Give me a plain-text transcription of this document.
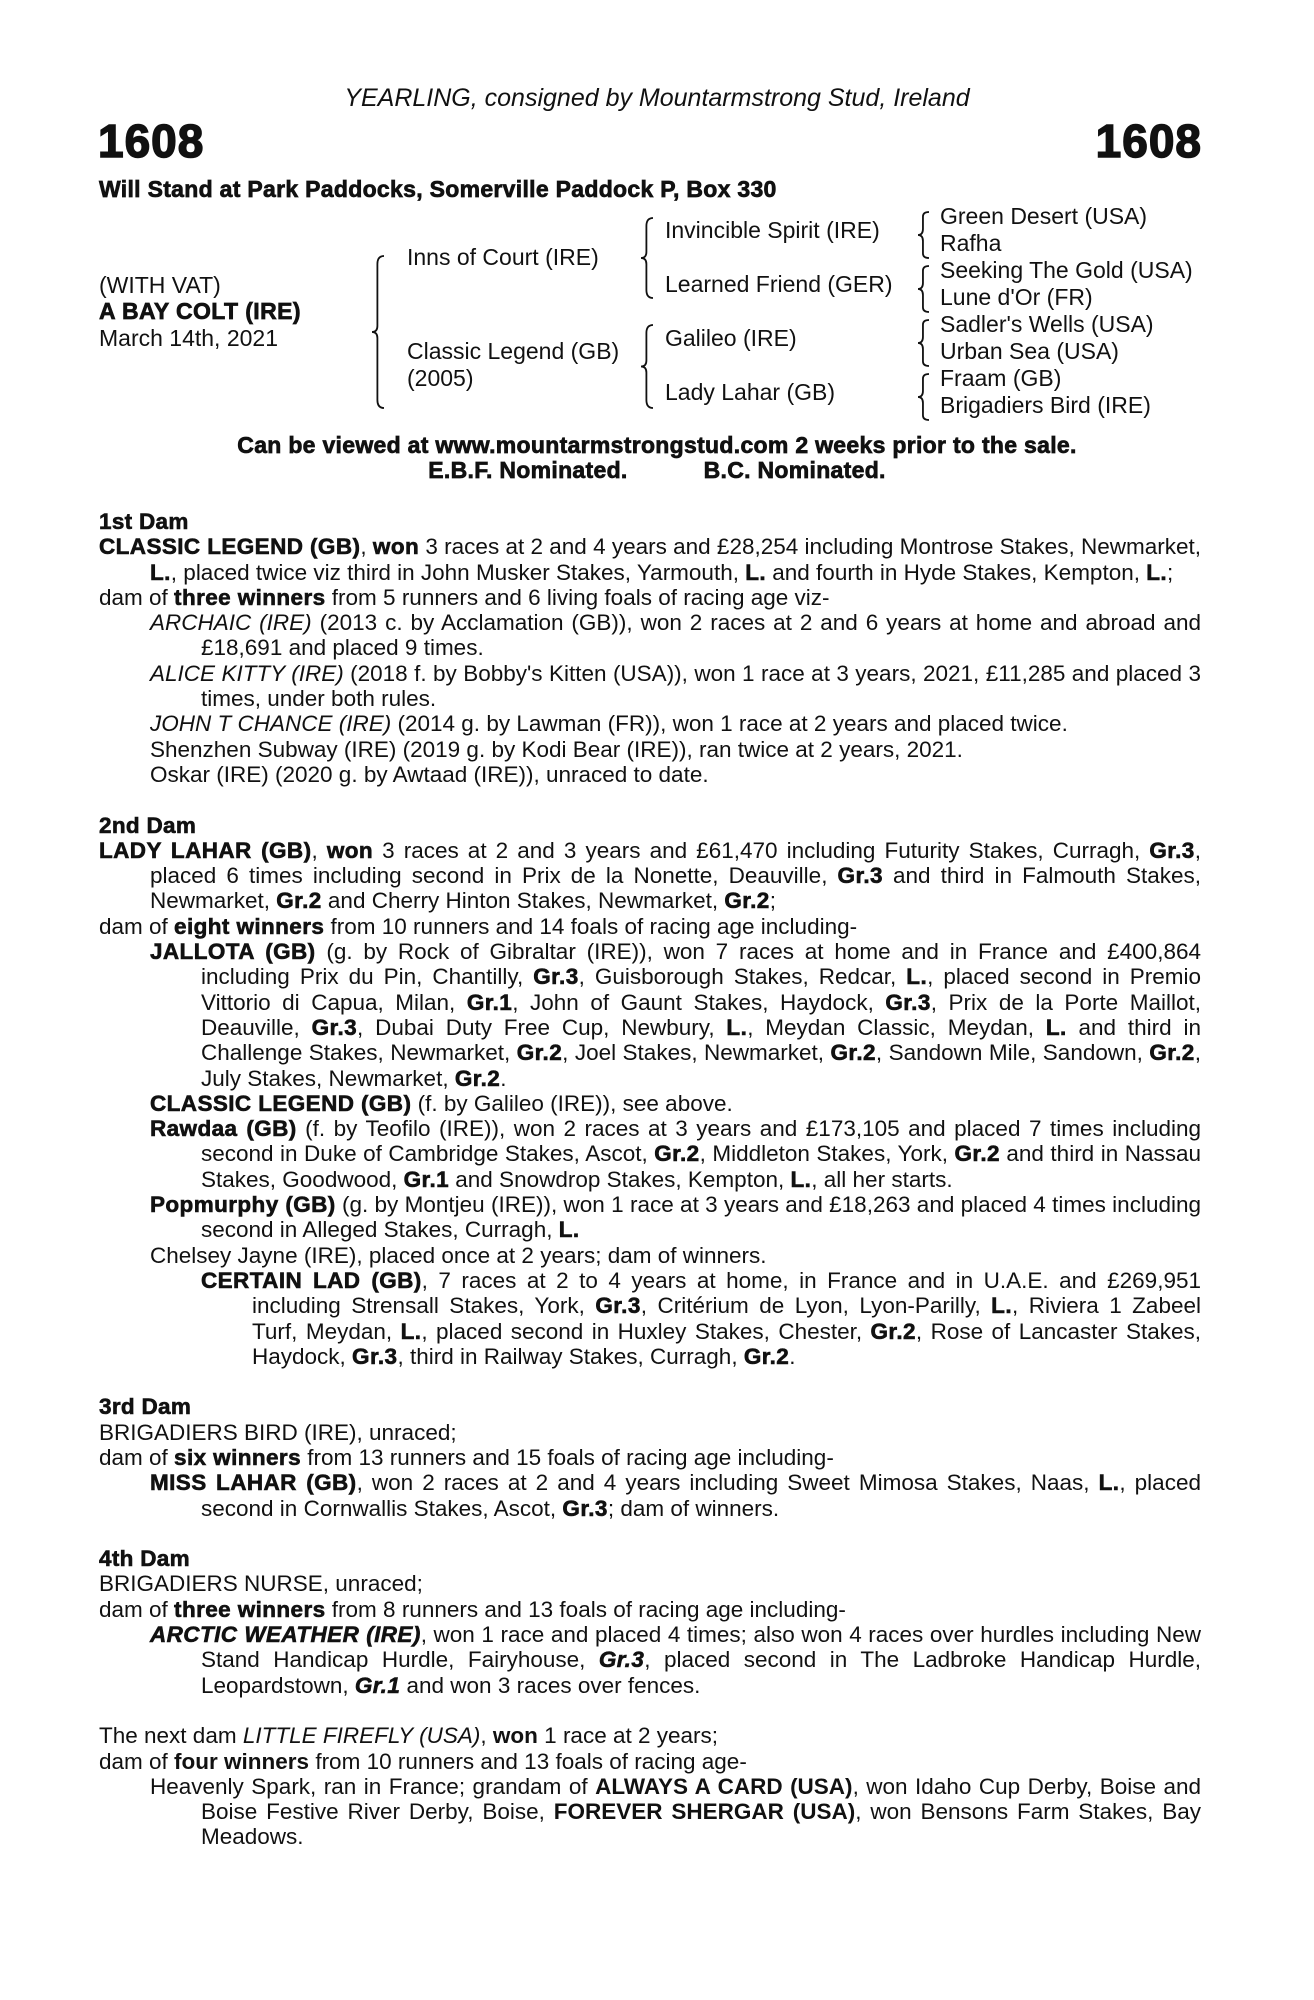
YEARLING, consigned by Mountarmstrong Stud, Ireland
1608	1608
Will Stand at Park Paddocks, Somerville Paddock P, Box 330
(WITH VAT)
A BAY COLT (IRE)
March 14th, 2021
Inns of Court (IRE)
Classic Legend (GB)
(2005)
Invincible Spirit (IRE)
Learned Friend (GER)
Galileo (IRE)
Lady Lahar (GB)
Green Desert (USA)
Rafha
Seeking The Gold (USA)
Lune d'Or (FR)
Sadler's Wells (USA)
Urban Sea (USA)
Fraam (GB)
Brigadiers Bird (IRE)
Can be viewed at www.mountarmstrongstud.com 2 weeks prior to the sale.
E.B.F. Nominated.	B.C. Nominated.

1st Dam

CLASSIC LEGEND (GB), won 3 races at 2 and 4 years and £28,254 including Montrose Stakes, Newmarket, L., placed twice viz third in John Musker Stakes, Yarmouth, L. and fourth in Hyde Stakes, Kempton, L.;

dam of three winners from 5 runners and 6 living foals of racing age viz-

ARCHAIC (IRE) (2013 c. by Acclamation (GB)), won 2 races at 2 and 6 years at home and abroad and £18,691 and placed 9 times.

ALICE KITTY (IRE) (2018 f. by Bobby's Kitten (USA)), won 1 race at 3 years, 2021, £11,285 and placed 3 times, under both rules.

JOHN T CHANCE (IRE) (2014 g. by Lawman (FR)), won 1 race at 2 years and placed twice.

Shenzhen Subway (IRE) (2019 g. by Kodi Bear (IRE)), ran twice at 2 years, 2021.

Oskar (IRE) (2020 g. by Awtaad (IRE)), unraced to date.

2nd Dam

LADY LAHAR (GB), won 3 races at 2 and 3 years and £61,470 including Futurity Stakes, Curragh, Gr.3, placed 6 times including second in Prix de la Nonette, Deauville, Gr.3 and third in Falmouth Stakes, Newmarket, Gr.2 and Cherry Hinton Stakes, Newmarket, Gr.2;

dam of eight winners from 10 runners and 14 foals of racing age including-

JALLOTA (GB) (g. by Rock of Gibraltar (IRE)), won 7 races at home and in France and £400,864 including Prix du Pin, Chantilly, Gr.3, Guisborough Stakes, Redcar, L., placed second in Premio Vittorio di Capua, Milan, Gr.1, John of Gaunt Stakes, Haydock, Gr.3, Prix de la Porte Maillot, Deauville, Gr.3, Dubai Duty Free Cup, Newbury, L., Meydan Classic, Meydan, L. and third in Challenge Stakes, Newmarket, Gr.2, Joel Stakes, Newmarket, Gr.2, Sandown Mile, Sandown, Gr.2, July Stakes, Newmarket, Gr.2.

CLASSIC LEGEND (GB) (f. by Galileo (IRE)), see above.

Rawdaa (GB) (f. by Teofilo (IRE)), won 2 races at 3 years and £173,105 and placed 7 times including second in Duke of Cambridge Stakes, Ascot, Gr.2, Middleton Stakes, York, Gr.2 and third in Nassau Stakes, Goodwood, Gr.1 and Snowdrop Stakes, Kempton, L., all her starts.

Popmurphy (GB) (g. by Montjeu (IRE)), won 1 race at 3 years and £18,263 and placed 4 times including second in Alleged Stakes, Curragh, L.

Chelsey Jayne (IRE), placed once at 2 years; dam of winners.

CERTAIN LAD (GB), 7 races at 2 to 4 years at home, in France and in U.A.E. and £269,951 including Strensall Stakes, York, Gr.3, Critérium de Lyon, Lyon-Parilly, L., Riviera 1 Zabeel Turf, Meydan, L., placed second in Huxley Stakes, Chester, Gr.2, Rose of Lancaster Stakes, Haydock, Gr.3, third in Railway Stakes, Curragh, Gr.2.

3rd Dam

BRIGADIERS BIRD (IRE), unraced;

dam of six winners from 13 runners and 15 foals of racing age including-

MISS LAHAR (GB), won 2 races at 2 and 4 years including Sweet Mimosa Stakes, Naas, L., placed second in Cornwallis Stakes, Ascot, Gr.3; dam of winners.

4th Dam

BRIGADIERS NURSE, unraced;

dam of three winners from 8 runners and 13 foals of racing age including-

ARCTIC WEATHER (IRE), won 1 race and placed 4 times; also won 4 races over hurdles including New Stand Handicap Hurdle, Fairyhouse, Gr.3, placed second in The Ladbroke Handicap Hurdle, Leopardstown, Gr.1 and won 3 races over fences.

The next dam LITTLE FIREFLY (USA), won 1 race at 2 years;

dam of four winners from 10 runners and 13 foals of racing age-

Heavenly Spark, ran in France; grandam of ALWAYS A CARD (USA), won Idaho Cup Derby, Boise and Boise Festive River Derby, Boise, FOREVER SHERGAR (USA), won Bensons Farm Stakes, Bay Meadows.
